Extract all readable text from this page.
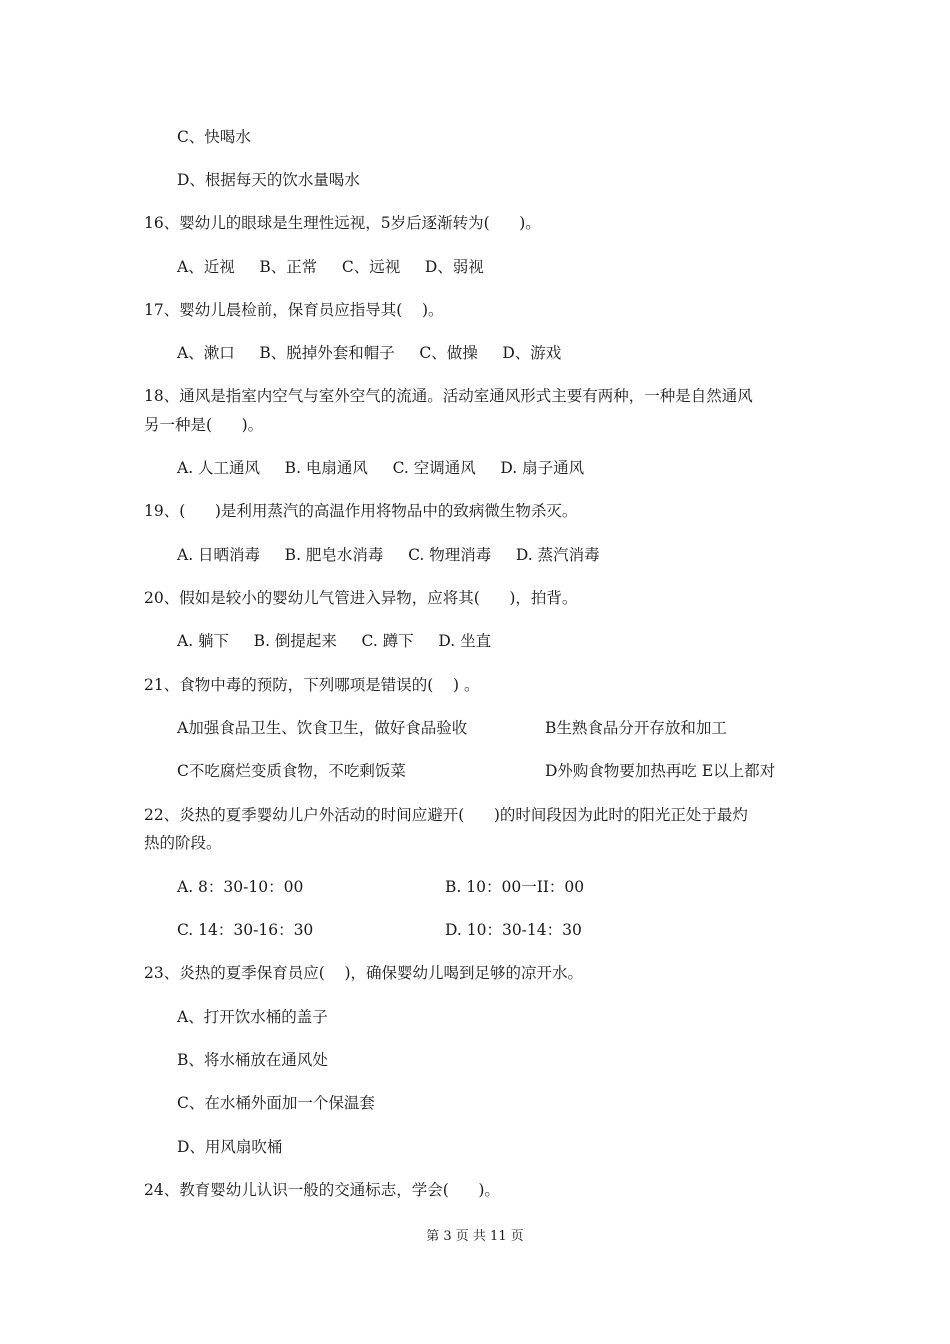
C、快喝水

D、根据每天的饮水量喝水

16、婴幼儿的眼球是生理性远视，5岁后逐渐转为(      )。

A、近视     B、正常     C、远视     D、弱视

17、婴幼儿晨检前，保育员应指导其(    )。

A、漱口     B、脱掉外套和帽子     C、做操     D、游戏

18、通风是指室内空气与室外空气的流通。活动室通风形式主要有两种，一种是自然通风

另一种是(      )。

A. 人工通风     B. 电扇通风     C. 空调通风     D. 扇子通风

19、(      )是利用蒸汽的高温作用将物品中的致病微生物杀灭。

A. 日晒消毒     B. 肥皂水消毒     C. 物理消毒     D. 蒸汽消毒

20、假如是较小的婴幼儿气管进入异物，应将其(      )，拍背。

A. 躺下     B. 倒提起来     C. 蹲下     D. 坐直

21、食物中毒的预防，下列哪项是错误的(    ) 。

A加强食品卫生、饮食卫生，做好食品验收	B生熟食品分开存放和加工

C不吃腐烂变质食物，不吃剩饭菜	D外购食物要加热再吃 E以上都对

22、炎热的夏季婴幼儿户外活动的时间应避开(      )的时间段因为此时的阳光正处于最灼

热的阶段。

A. 8：30-10：00	B. 10：00一II：00

C. 14：30-16：30	D. 10：30-14：30

23、炎热的夏季保育员应(    )，确保婴幼儿喝到足够的凉开水。

A、打开饮水桶的盖子

B、将水桶放在通风处

C、在水桶外面加一个保温套

D、用风扇吹桶

24、教育婴幼儿认识一般的交通标志，学会(      )。

第 3 页 共 11 页
